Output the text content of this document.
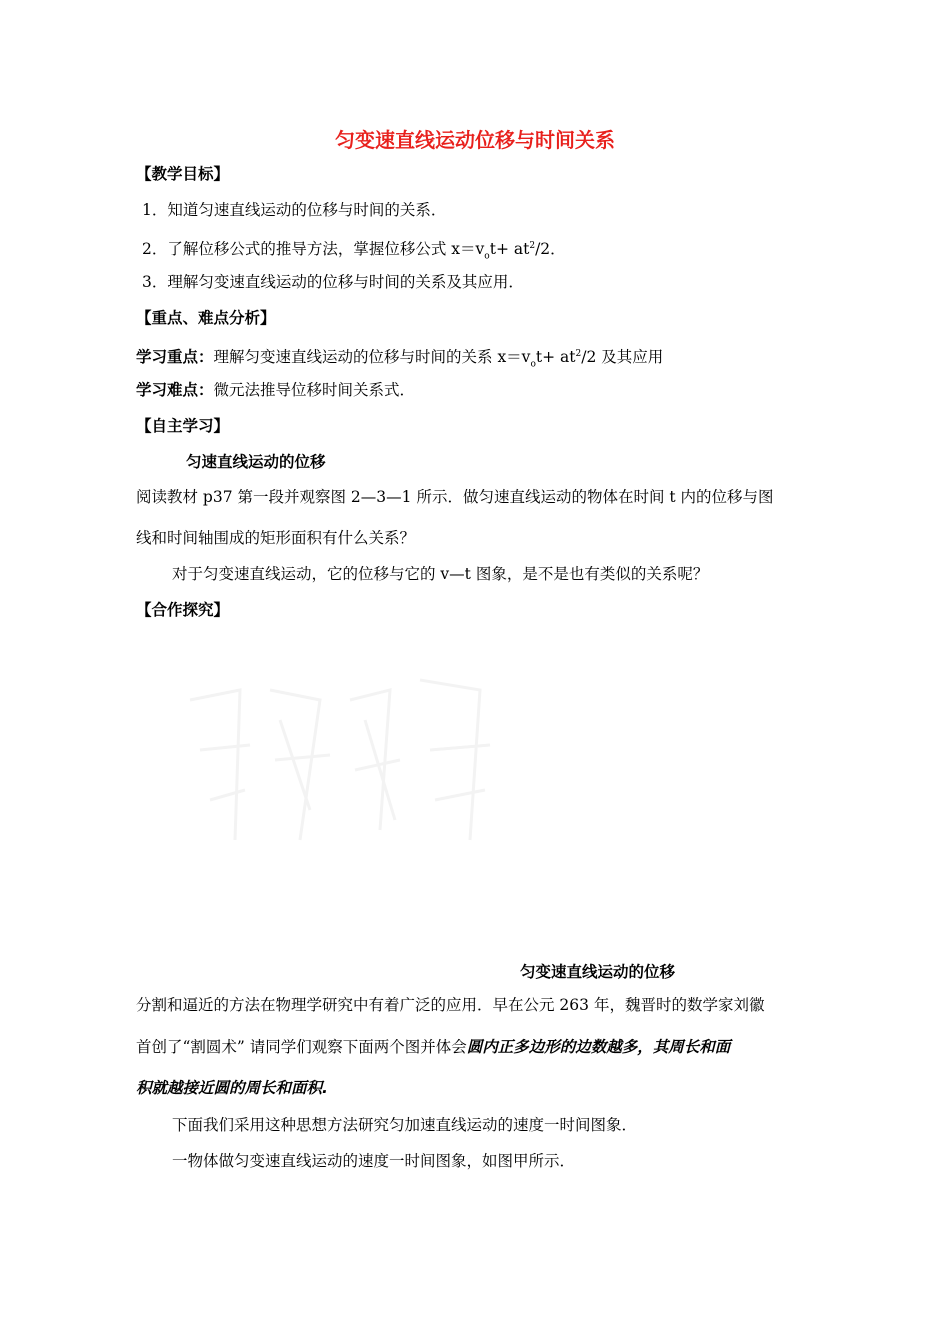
匀变速直线运动位移与时间关系
【教学目标】
1．知道匀速直线运动的位移与时间的关系．
2．了解位移公式的推导方法，掌握位移公式 $x=v_ot+ at^2/2$．
3．理解匀变速直线运动的位移与时间的关系及其应用．
【重点、难点分析】
学习重点：理解匀变速直线运动的位移与时间的关系 $x=v_ot+ at^2/2$ 及其应用
学习难点：微元法推导位移时间关系式．
【自主学习】
匀速直线运动的位移
阅读教材 p37 第一段并观察图 2—3—1 所示．做匀速直线运动的物体在时间 t 内的位移与图
线和时间轴围成的矩形面积有什么关系？
对于匀变速直线运动，它的位移与它的 v—t 图象，是不是也有类似的关系呢？
【合作探究】
匀变速直线运动的位移
分割和逼近的方法在物理学研究中有着广泛的应用．早在公元 263 年，魏晋时的数学家刘徽
首创了“割圆术” 请同学们观察下面两个图并体会圆内正多边形的边数越多，其周长和面
积就越接近圆的周长和面积.
下面我们采用这种思想方法研究匀加速直线运动的速度一时间图象．
一物体做匀变速直线运动的速度一时间图象，如图甲所示．
